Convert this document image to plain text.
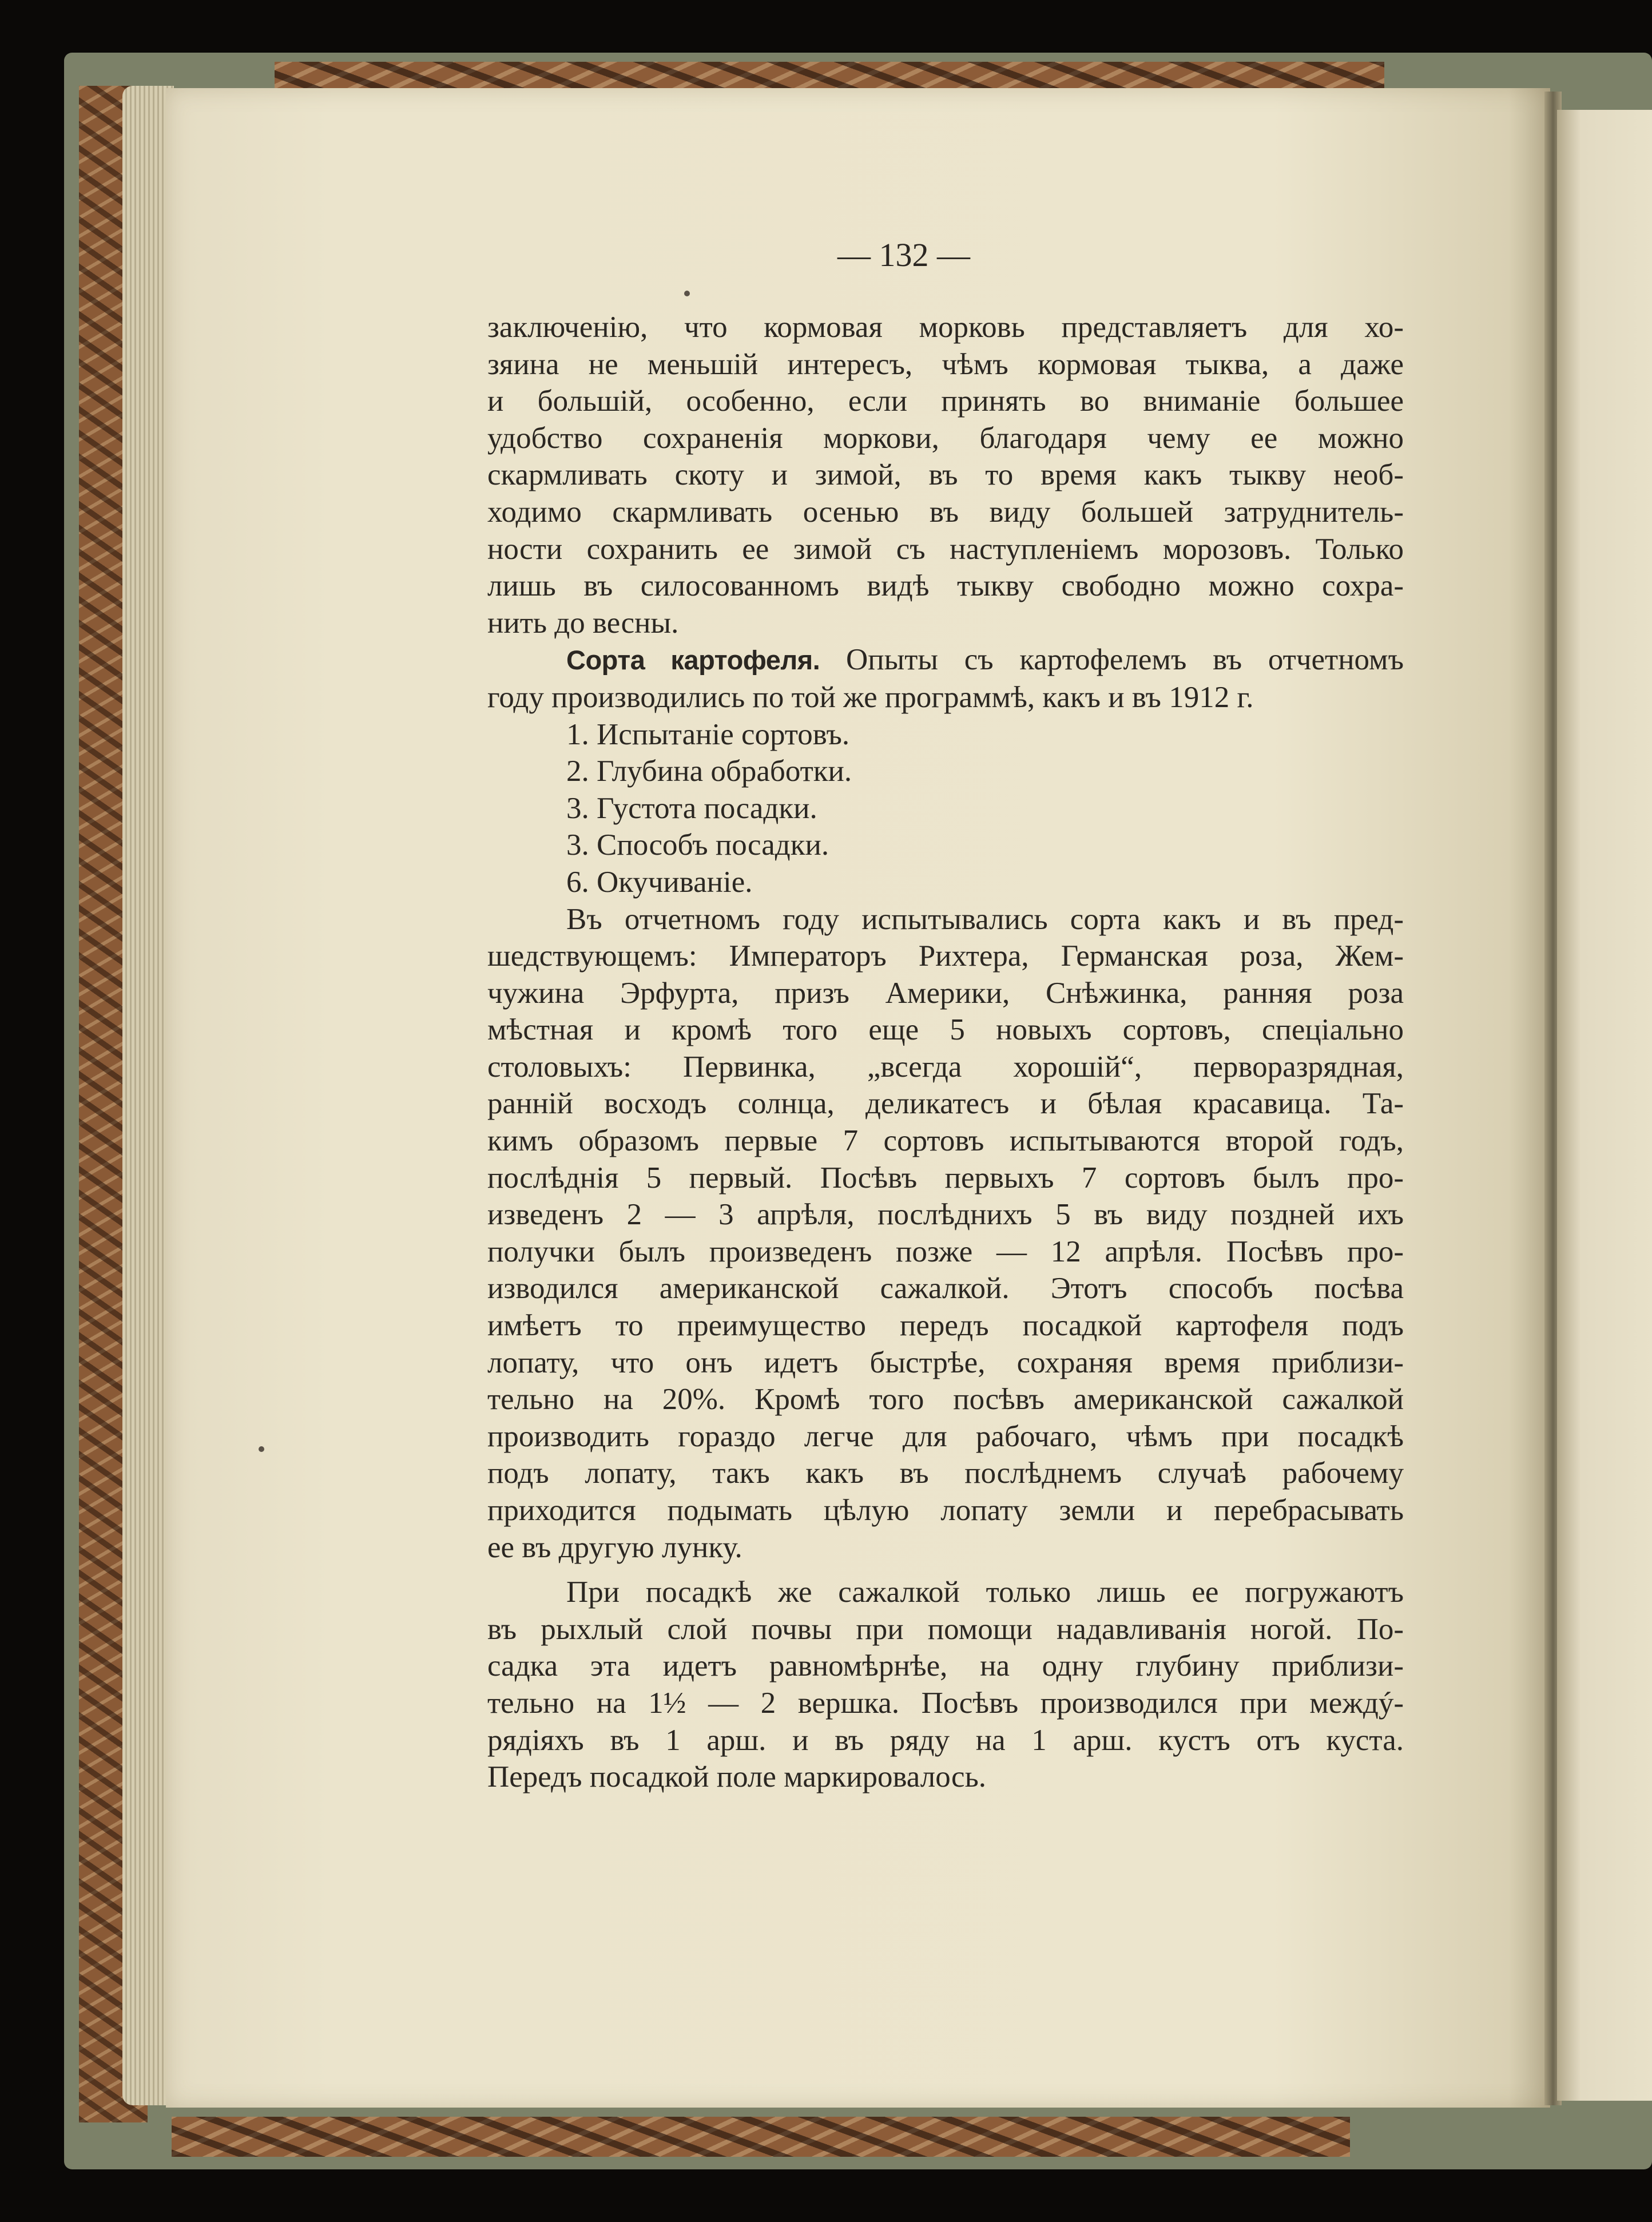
— 132 —
заключенію, что кормовая морковь представляетъ для хо-
зяина не меньшій интересъ, чѣмъ кормовая тыква, а даже
и большій, особенно, если принять во вниманіе большее
удобство сохраненія моркови, благодаря чему ее можно
скармливать скоту и зимой, въ то время какъ тыкву необ-
ходимо скармливать осенью въ виду большей затруднитель-
ности сохранить ее зимой съ наступленіемъ морозовъ. Только
лишь въ силосованномъ видѣ тыкву свободно можно сохра-
нить до весны.
Сорта картофеля. Опыты съ картофелемъ въ отчетномъ
году производились по той же программѣ, какъ и въ 1912 г.
1. Испытаніе сортовъ.
2. Глубина обработки.
3. Густота посадки.
3. Способъ посадки.
6. Окучиваніе.
Въ отчетномъ году испытывались сорта какъ и въ пред-
шедствующемъ: Императоръ Рихтера, Германская роза, Жем-
чужина Эрфурта, призъ Америки, Снѣжинка, ранняя роза
мѣстная и кромѣ того еще 5 новыхъ сортовъ, спеціально
столовыхъ: Первинка, „всегда хорошій“, перворазрядная,
ранній восходъ солнца, деликатесъ и бѣлая красавица. Та-
кимъ образомъ первые 7 сортовъ испытываются второй годъ,
послѣднія 5 первый. Посѣвъ первыхъ 7 сортовъ былъ про-
изведенъ 2 — 3 апрѣля, послѣднихъ 5 въ виду поздней ихъ
получки былъ произведенъ позже — 12 апрѣля. Посѣвъ про-
изводился американской сажалкой. Этотъ способъ посѣва
имѣетъ то преимущество передъ посадкой картофеля подъ
лопату, что онъ идетъ быстрѣе, сохраняя время приблизи-
тельно на 20%. Кромѣ того посѣвъ американской сажалкой
производить гораздо легче для рабочаго, чѣмъ при посадкѣ
подъ лопату, такъ какъ въ послѣднемъ случаѣ рабочему
приходится подымать цѣлую лопату земли и перебрасывать
ее въ другую лунку.
При посадкѣ же сажалкой только лишь ее погружаютъ
въ рыхлый слой почвы при помощи надавливанія ногой. По-
садка эта идетъ равномѣрнѣе, на одну глубину приблизи-
тельно на 1½ — 2 вершка. Посѣвъ производился при междý-
рядіяхъ въ 1 арш. и въ ряду на 1 арш. кустъ отъ куста.
Передъ посадкой поле маркировалось.
